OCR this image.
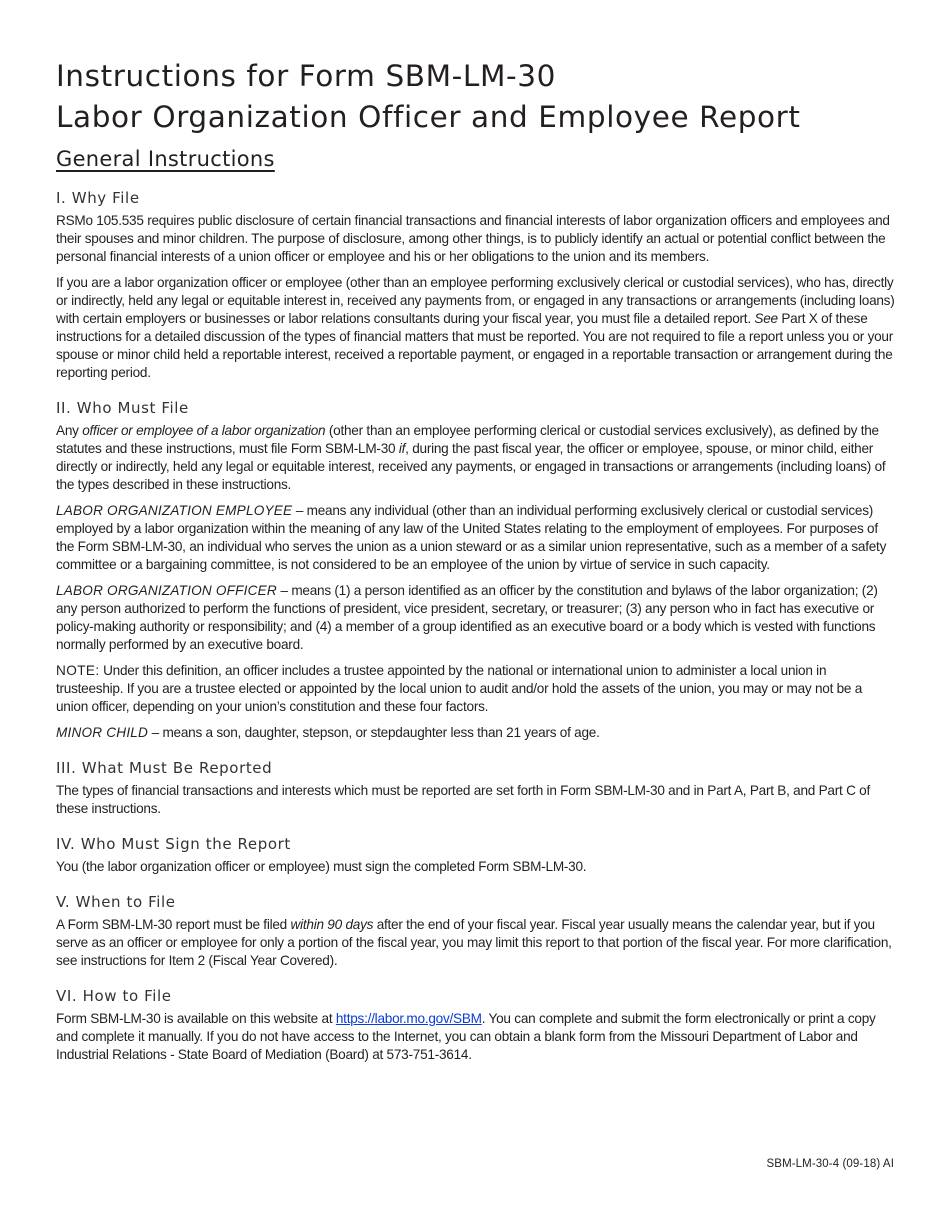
Instructions for Form SBM-LM-30
Labor Organization Officer and Employee Report
General Instructions
I. Why File

RSMo 105.535 requires public disclosure of certain financial transactions and financial interests of labor organization officers and employees and their spouses and minor children. The purpose of disclosure, among other things, is to publicly identify an actual or potential conflict between the personal financial interests of a union officer or employee and his or her obligations to the union and its members.

If you are a labor organization officer or employee (other than an employee performing exclusively clerical or custodial services), who has, directly or indirectly, held any legal or equitable interest in, received any payments from, or engaged in any transactions or arrangements (including loans) with certain employers or businesses or labor relations consultants during your fiscal year, you must file a detailed report. See Part X of these instructions for a detailed discussion of the types of financial matters that must be reported. You are not required to file a report unless you or your spouse or minor child held a reportable interest, received a reportable payment, or engaged in a reportable transaction or arrangement during the reporting period.

II. Who Must File

Any officer or employee of a labor organization (other than an employee performing clerical or custodial services exclusively), as defined by the statutes and these instructions, must file Form SBM-LM-30 if, during the past fiscal year, the officer or employee, spouse, or minor child, either directly or indirectly, held any legal or equitable interest, received any payments, or engaged in transactions or arrangements (including loans) of the types described in these instructions.

LABOR ORGANIZATION EMPLOYEE – means any individual (other than an individual performing exclusively clerical or custodial services) employed by a labor organization within the meaning of any law of the United States relating to the employment of employees. For purposes of the Form SBM-LM-30, an individual who serves the union as a union steward or as a similar union representative, such as a member of a safety committee or a bargaining committee, is not considered to be an employee of the union by virtue of service in such capacity.

LABOR ORGANIZATION OFFICER – means (1) a person identified as an officer by the constitution and bylaws of the labor organization; (2) any person authorized to perform the functions of president, vice president, secretary, or treasurer; (3) any person who in fact has executive or policy-making authority or responsibility; and (4) a member of a group identified as an executive board or a body which is vested with functions normally performed by an executive board.

NOTE: Under this definition, an officer includes a trustee appointed by the national or international union to administer a local union in trusteeship. If you are a trustee elected or appointed by the local union to audit and/or hold the assets of the union, you may or may not be a union officer, depending on your union’s constitution and these four factors.

MINOR CHILD – means a son, daughter, stepson, or stepdaughter less than 21 years of age.

III. What Must Be Reported

The types of financial transactions and interests which must be reported are set forth in Form SBM-LM-30 and in Part A, Part B, and Part C of these instructions.

IV. Who Must Sign the Report

You (the labor organization officer or employee) must sign the completed Form SBM-LM-30.

V. When to File

A Form SBM-LM-30 report must be filed within 90 days after the end of your fiscal year. Fiscal year usually means the calendar year, but if you serve as an officer or employee for only a portion of the fiscal year, you may limit this report to that portion of the fiscal year. For more clarification, see instructions for Item 2 (Fiscal Year Covered).

VI. How to File

Form SBM-LM-30 is available on this website at https://labor.mo.gov/SBM. You can complete and submit the form electronically or print a copy and complete it manually. If you do not have access to the Internet, you can obtain a blank form from the Missouri Department of Labor and Industrial Relations - State Board of Mediation (Board) at 573-751-3614.

SBM-LM-30-4 (09-18) AI
